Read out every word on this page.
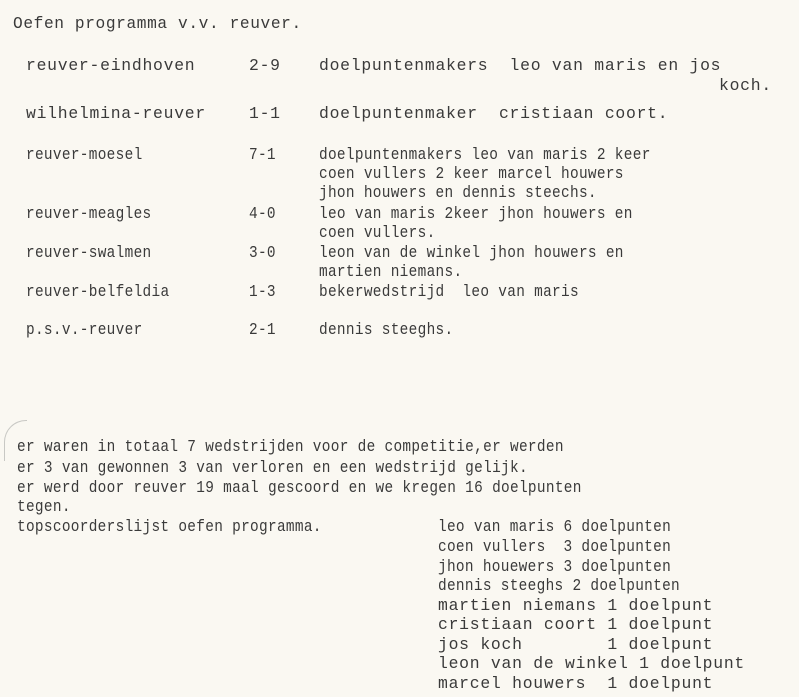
Oefen programma v.v. reuver.
reuver-eindhoven	2-9 doelpuntenmakers  leo van maris en jos
koch.
wilhelmina-reuver	1-1 doelpuntenmaker  cristiaan coort.
reuver-moesel	7-1	doelpuntenmakers leo van maris 2 keer
coen vullers 2 keer marcel houwers
jhon houwers en dennis steechs.
reuver-meagles	4-0	leo van maris 2keer jhon houwers en
coen vullers.
reuver-swalmen	3-0	leon van de winkel jhon houwers en
martien niemans.
reuver-belfeldia	1-3	bekerwedstrijd  leo van maris
p.s.v.-reuver	2-1	dennis steeghs.
er waren in totaal 7 wedstrijden voor de competitie,er werden
er 3 van gewonnen 3 van verloren en een wedstrijd gelijk.
er werd door reuver 19 maal gescoord en we kregen 16 doelpunten
tegen.
topscoorderslijst oefen programma.	leo van maris 6 doelpunten
coen vullers  3 doelpunten
jhon houewers 3 doelpunten
dennis steeghs 2 doelpunten
martien niemans 1 doelpunt
cristiaan coort 1 doelpunt
jos koch        1 doelpunt
leon van de winkel 1 doelpunt
marcel houwers  1 doelpunt
